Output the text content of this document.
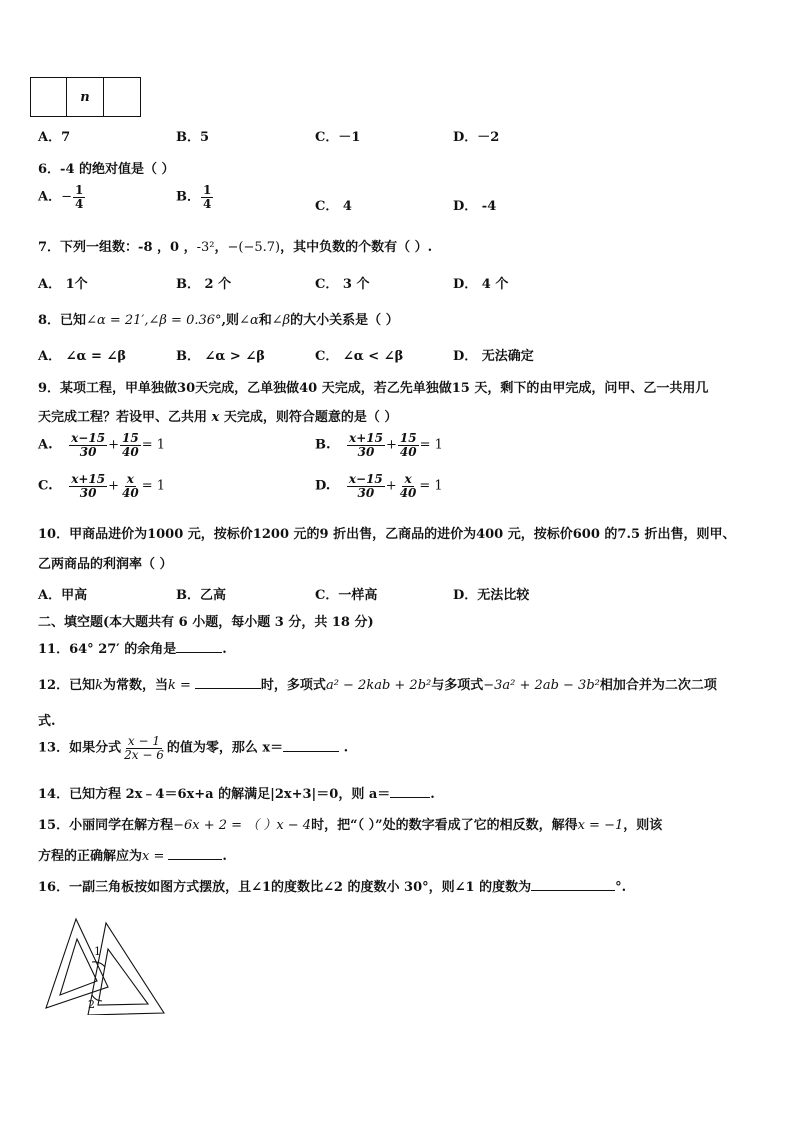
n
A．7	B．5	C．－1	D．－2
6．-4 的绝对值是（ ）
A．− $\frac{1}{4}$	B． $\frac{1}{4}$	C． 4	D． -4
7．下列一组数：-8 ，0 ，-3²，−(−5.7)，其中负数的个数有（ ）.
A． 1个	B． 2 个	C． 3 个	D． 4 个
8．已知∠α = 21′,∠β = 0.36°,则∠α和∠β的大小关系是（ ）
A． ∠α = ∠β	B． ∠α > ∠β	C． ∠α < ∠β	D． 无法确定
9．某项工程，甲单独做30天完成，乙单独做40 天完成，若乙先单独做15 天，剩下的由甲完成，问甲、乙一共用几
天完成工程？若设甲、乙共用 x 天完成，则符合题意的是（ ）
A. $\frac{x-15}{30} + \frac{15}{40} = 1$	B. $\frac{x+15}{30} + \frac{15}{40} = 1$
C. $\frac{x+15}{30} + \frac{x}{40} = 1$	D. $\frac{x-15}{30} + \frac{x}{40} = 1$
10．甲商品进价为1000 元，按标价1200 元的9 折出售，乙商品的进价为400 元，按标价600 的7.5 折出售，则甲、
乙两商品的利润率（ ）
A．甲高	B．乙高	C．一样高	D．无法比较
二、填空题(本大题共有 6 小题，每小题 3 分，共 18 分)
11．64° 27′ 的余角是	.
12．已知k为常数，当k =	时，多项式a² − 2kab + 2b²与多项式−3a² + 2ab − 3b²相加合并为二次二项
式.
13．如果分式 $\frac{x - 1}{2x - 6}$ 的值为零，那么 x＝	.
14．已知方程 2x﹣4＝6x+a 的解满足|2x+3|＝0，则 a＝	.
15．小丽同学在解方程−6x + 2 = （ ）x − 4时，把“（ ）”处的数字看成了它的相反数，解得x = −1，则该
方程的正确解应为x =	.
16．一副三角板按如图方式摆放，且∠1的度数比∠2 的度数小 30°，则∠1 的度数为	°.
1
2
